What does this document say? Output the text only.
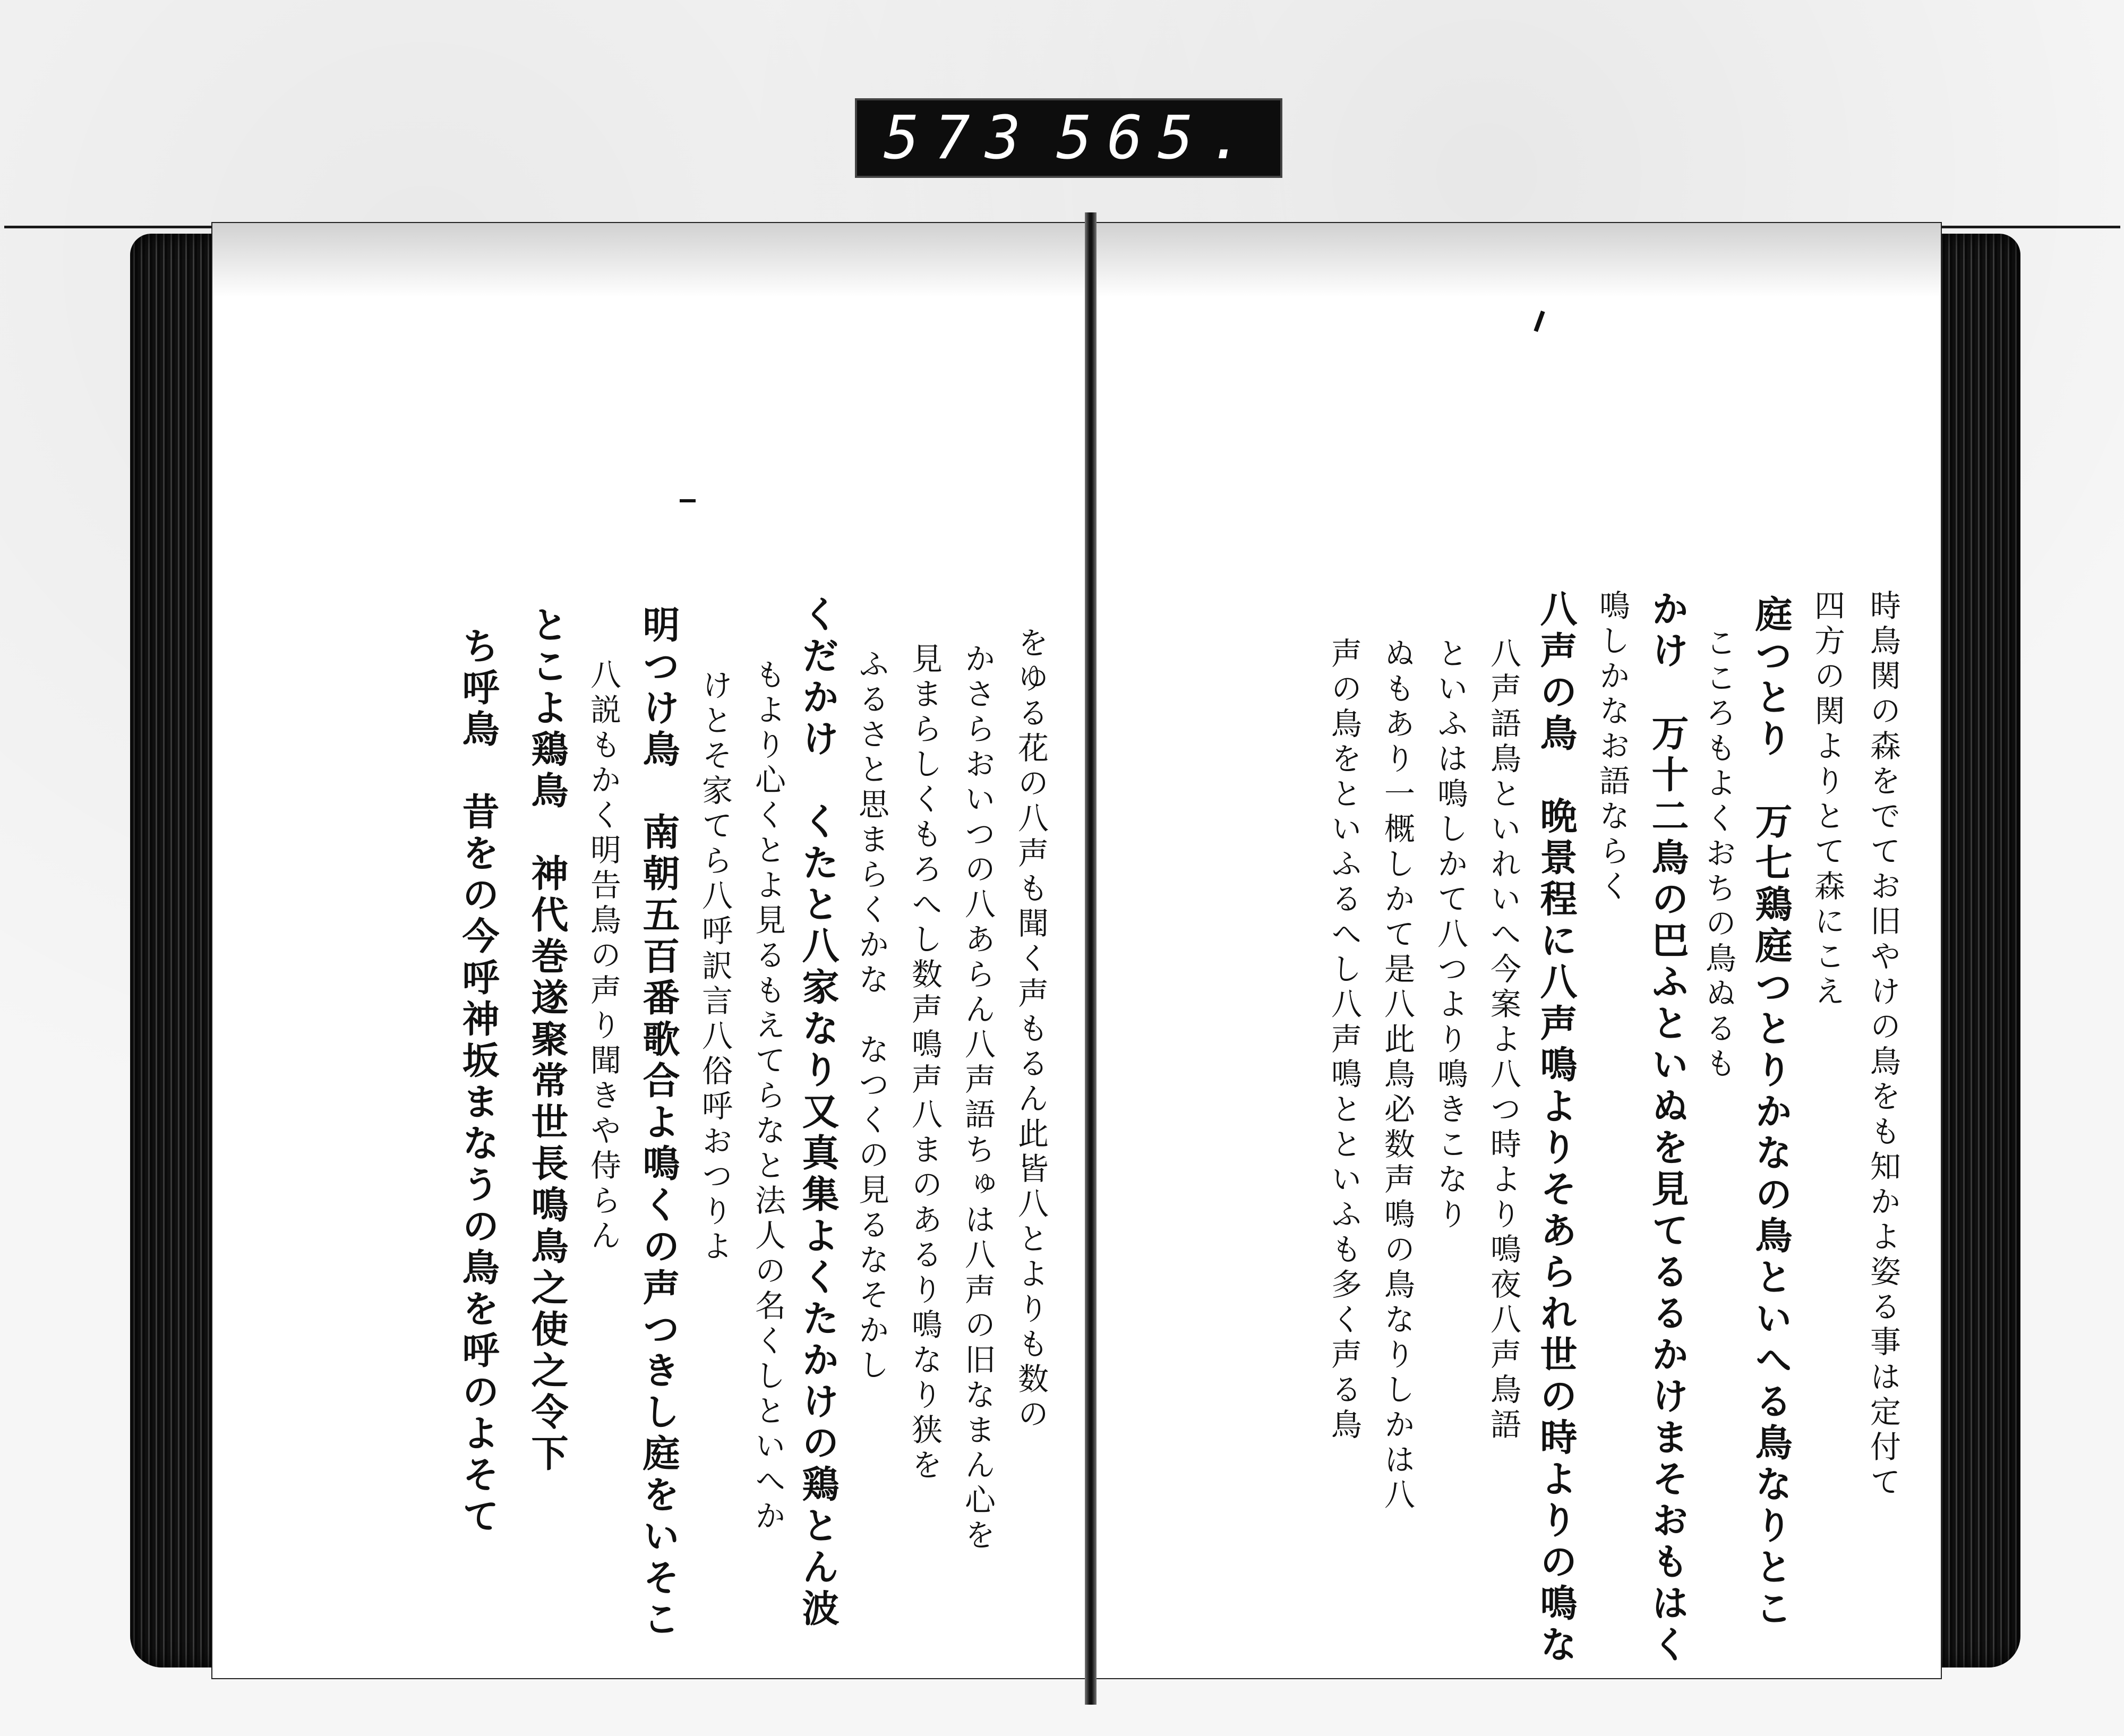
573 565.
をゆる花の八声も聞く声もるん此皆八とよりも数の
かさらおいつの八あらん八声語ちゅは八声の旧なまん心を
見まらしくもろへし数声鳴声八まのあるり鳴なり狭を
ふるさと思まらくかな　なつくの見るなそかし
くだかけ　くたと八家なり又真集よくたかけの鶏とん波
もより心くとよ見るもえてらなと法人の名くしといへか
けとそ家てら八呼訳言八俗呼おつりよ
明つけ鳥　南朝五百番歌合よ鳴くの声つきし庭をいそこ
八説もかく明告鳥の声り聞きや侍らん
とこよ鶏鳥　神代巻遂聚常世長鳴鳥之使之令下
ち呼鳥　昔をの今呼神坂まなうの鳥を呼のよそて	時鳥関の森をでてお旧やけの鳥をも知かよ姿る事は定付て
四方の関よりとて森にこえ
庭つとり　万七鶏庭つとりかなの鳥といへる鳥なりとこ
こころもよくおちの鳥ぬるも
かけ　万十二鳥の巴ふといぬを見てるるかけまそおもはく
鳴しかなお語ならく
八声の鳥　晩景程に八声鳴よりそあられ世の時よりの鳴な
八声語鳥といれいへ今案よ八つ時より鳴夜八声鳥語
といふは鳴しかて八つより鳴きこなり
ぬもあり一概しかて是八此鳥必数声鳴の鳥なりしかは八
声の鳥をといふるへし八声鳴とといふも多く声る鳥
